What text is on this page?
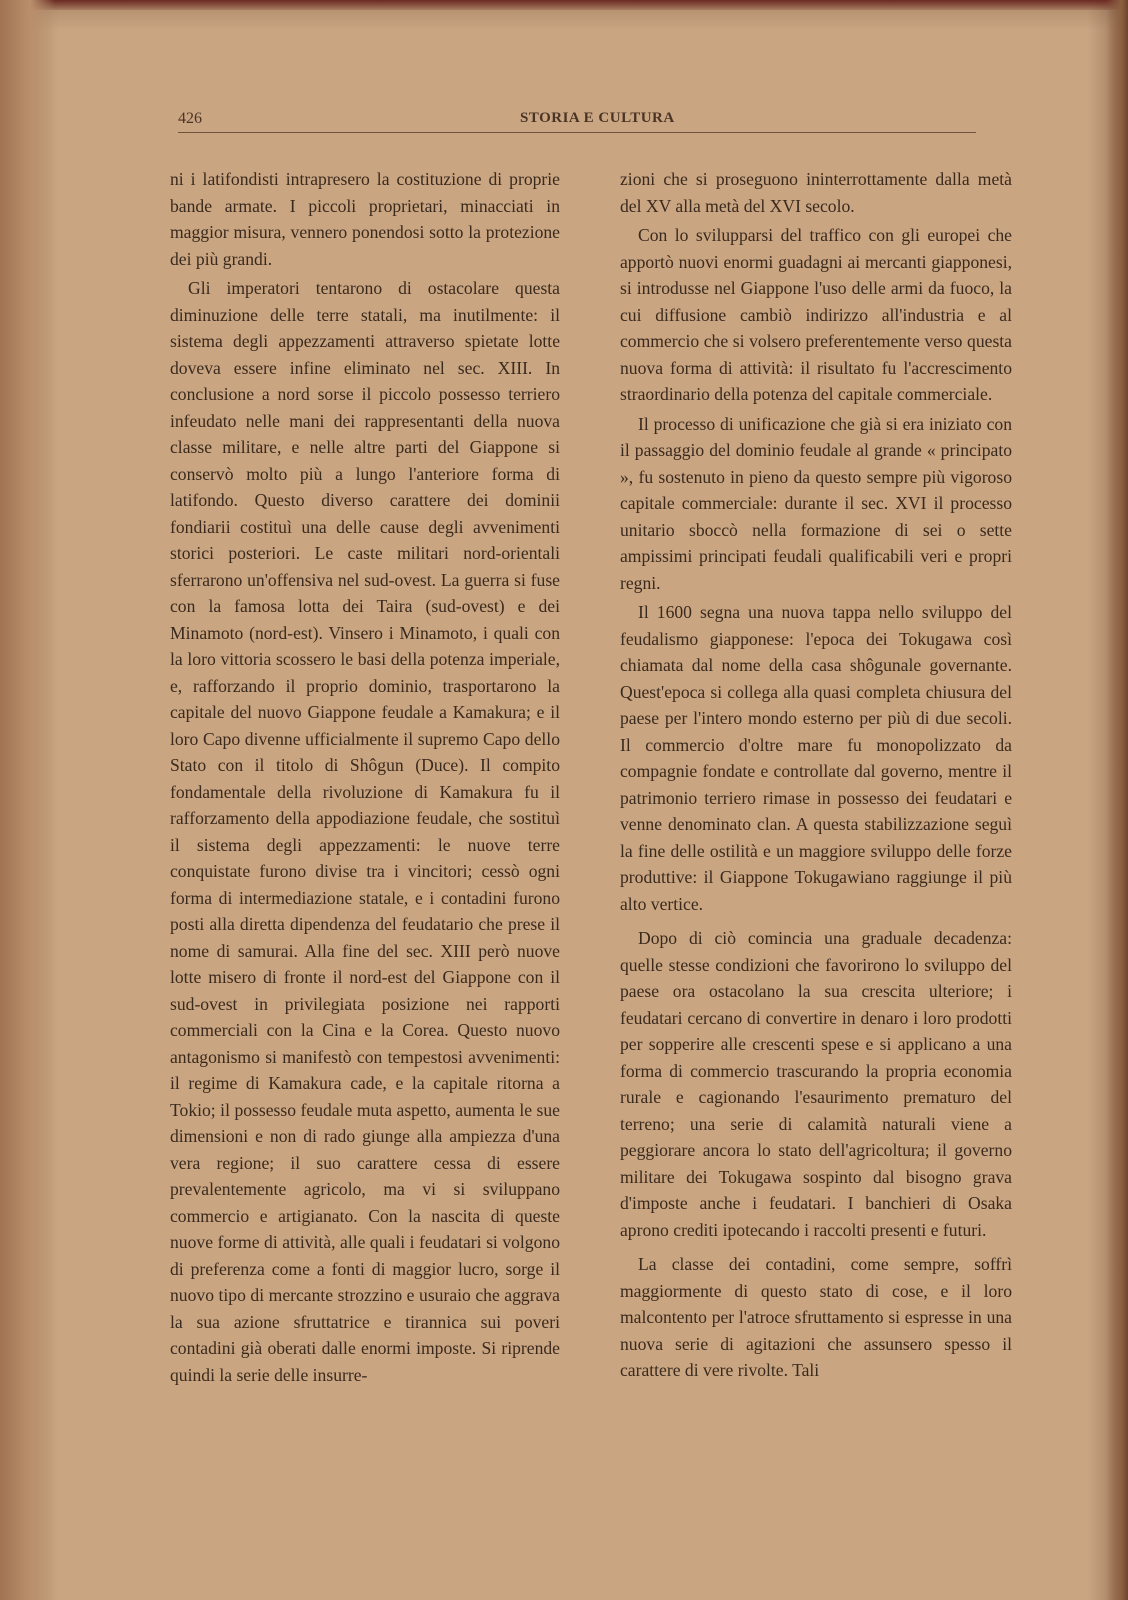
426	STORIA E CULTURA

ni i latifondisti intrapresero la costituzione di proprie bande armate. I piccoli proprietari, minacciati in maggior misura, vennero ponendosi sotto la protezione dei più grandi.

Gli imperatori tentarono di ostacolare questa diminuzione delle terre statali, ma inutilmente: il sistema degli appezzamenti attraverso spietate lotte doveva essere infine eliminato nel sec. XIII. In conclusione a nord sorse il piccolo possesso terriero infeudato nelle mani dei rappresentanti della nuova classe militare, e nelle altre parti del Giappone si conservò molto più a lungo l'anteriore forma di latifondo. Questo diverso carattere dei dominii fondiarii costituì una delle cause degli avvenimenti storici posteriori. Le caste militari nord-orientali sferrarono un'offensiva nel sud-ovest. La guerra si fuse con la famosa lotta dei Taira (sud-ovest) e dei Minamoto (nord-est). Vinsero i Minamoto, i quali con la loro vittoria scossero le basi della potenza imperiale, e, rafforzando il proprio dominio, trasportarono la capitale del nuovo Giappone feudale a Kamakura; e il loro Capo divenne ufficialmente il supremo Capo dello Stato con il titolo di Shôgun (Duce). Il compito fondamentale della rivoluzione di Kamakura fu il rafforzamento della appodiazione feudale, che sostituì il sistema degli appezzamenti: le nuove terre conquistate furono divise tra i vincitori; cessò ogni forma di intermediazione statale, e i contadini furono posti alla diretta dipendenza del feudatario che prese il nome di samurai. Alla fine del sec. XIII però nuove lotte misero di fronte il nord-est del Giappone con il sud-ovest in privilegiata posizione nei rapporti commerciali con la Cina e la Corea. Questo nuovo antagonismo si manifestò con tempestosi avvenimenti: il regime di Kamakura cade, e la capitale ritorna a Tokio; il possesso feudale muta aspetto, aumenta le sue dimensioni e non di rado giunge alla ampiezza d'una vera regione; il suo carattere cessa di essere prevalentemente agricolo, ma vi si sviluppano commercio e artigianato. Con la nascita di queste nuove forme di attività, alle quali i feudatari si volgono di preferenza come a fonti di maggior lucro, sorge il nuovo tipo di mercante strozzino e usuraio che aggrava la sua azione sfruttatrice e tirannica sui poveri contadini già oberati dalle enormi imposte. Si riprende quindi la serie delle insurre-

zioni che si proseguono ininterrottamente dalla metà del XV alla metà del XVI secolo.

Con lo svilupparsi del traffico con gli europei che apportò nuovi enormi guadagni ai mercanti giapponesi, si introdusse nel Giappone l'uso delle armi da fuoco, la cui diffusione cambiò indirizzo all'industria e al commercio che si volsero preferentemente verso questa nuova forma di attività: il risultato fu l'accrescimento straordinario della potenza del capitale commerciale.

Il processo di unificazione che già si era iniziato con il passaggio del dominio feudale al grande « principato », fu sostenuto in pieno da questo sempre più vigoroso capitale commerciale: durante il sec. XVI il processo unitario sboccò nella formazione di sei o sette ampissimi principati feudali qualificabili veri e propri regni.

Il 1600 segna una nuova tappa nello sviluppo del feudalismo giapponese: l'epoca dei Tokugawa così chiamata dal nome della casa shôgunale governante. Quest'epoca si collega alla quasi completa chiusura del paese per l'intero mondo esterno per più di due secoli. Il commercio d'oltre mare fu monopolizzato da compagnie fondate e controllate dal governo, mentre il patrimonio terriero rimase in possesso dei feudatari e venne denominato clan. A questa stabilizzazione seguì la fine delle ostilità e un maggiore sviluppo delle forze produttive: il Giappone Tokugawiano raggiunge il più alto vertice.

Dopo di ciò comincia una graduale decadenza: quelle stesse condizioni che favorirono lo sviluppo del paese ora ostacolano la sua crescita ulteriore; i feudatari cercano di convertire in denaro i loro prodotti per sopperire alle crescenti spese e si applicano a una forma di commercio trascurando la propria economia rurale e cagionando l'esaurimento prematuro del terreno; una serie di calamità naturali viene a peggiorare ancora lo stato dell'agricoltura; il governo militare dei Tokugawa sospinto dal bisogno grava d'imposte anche i feudatari. I banchieri di Osaka aprono crediti ipotecando i raccolti presenti e futuri.

La classe dei contadini, come sempre, soffrì maggiormente di questo stato di cose, e il loro malcontento per l'atroce sfruttamento si espresse in una nuova serie di agitazioni che assunsero spesso il carattere di vere rivolte. Tali
